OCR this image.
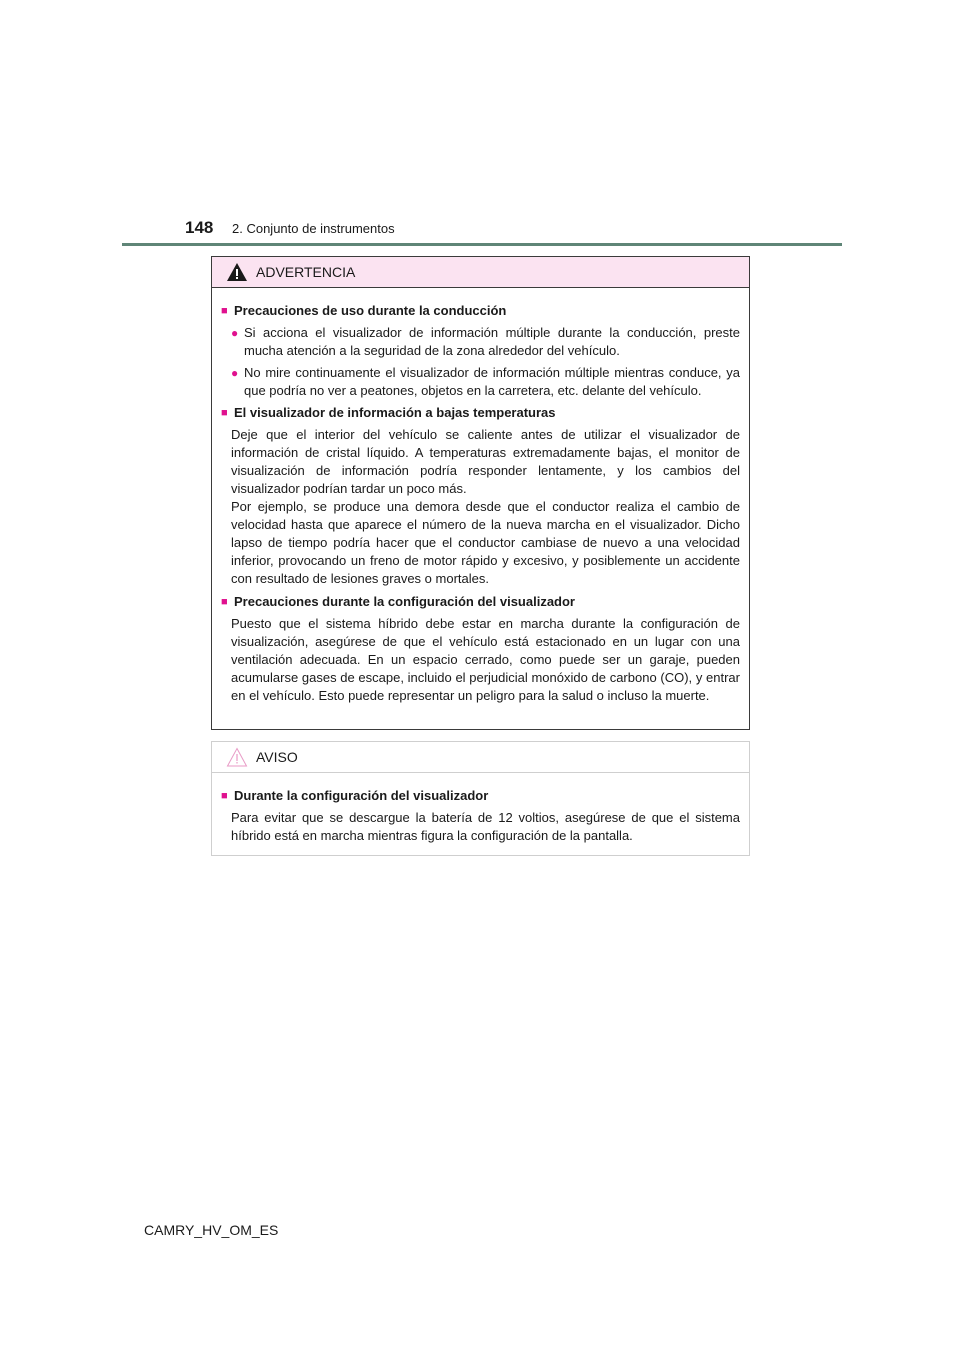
148 2. Conjunto de instrumentos
ADVERTENCIA
■ Precauciones de uso durante la conducción
● Si acciona el visualizador de información múltiple durante la conducción, preste mucha atención a la seguridad de la zona alrededor del vehículo.
● No mire continuamente el visualizador de información múltiple mientras conduce, ya que podría no ver a peatones, objetos en la carretera, etc. delante del vehículo.
■ El visualizador de información a bajas temperaturas
Deje que el interior del vehículo se caliente antes de utilizar el visualizador de información de cristal líquido. A temperaturas extremadamente bajas, el monitor de visualización de información podría responder lentamente, y los cambios del visualizador podrían tardar un poco más.
Por ejemplo, se produce una demora desde que el conductor realiza el cambio de velocidad hasta que aparece el número de la nueva marcha en el visualizador. Dicho lapso de tiempo podría hacer que el conductor cambiase de nuevo a una velocidad inferior, provocando un freno de motor rápido y excesivo, y posiblemente un accidente con resultado de lesiones graves o mortales.
■ Precauciones durante la configuración del visualizador
Puesto que el sistema híbrido debe estar en marcha durante la configuración de visualización, asegúrese de que el vehículo está estacionado en un lugar con una ventilación adecuada. En un espacio cerrado, como puede ser un garaje, pueden acumularse gases de escape, incluido el perjudicial monóxido de carbono (CO), y entrar en el vehículo. Esto puede representar un peligro para la salud o incluso la muerte.
AVISO
■ Durante la configuración del visualizador
Para evitar que se descargue la batería de 12 voltios, asegúrese de que el sistema híbrido está en marcha mientras figura la configuración de la pantalla.
CAMRY_HV_OM_ES
